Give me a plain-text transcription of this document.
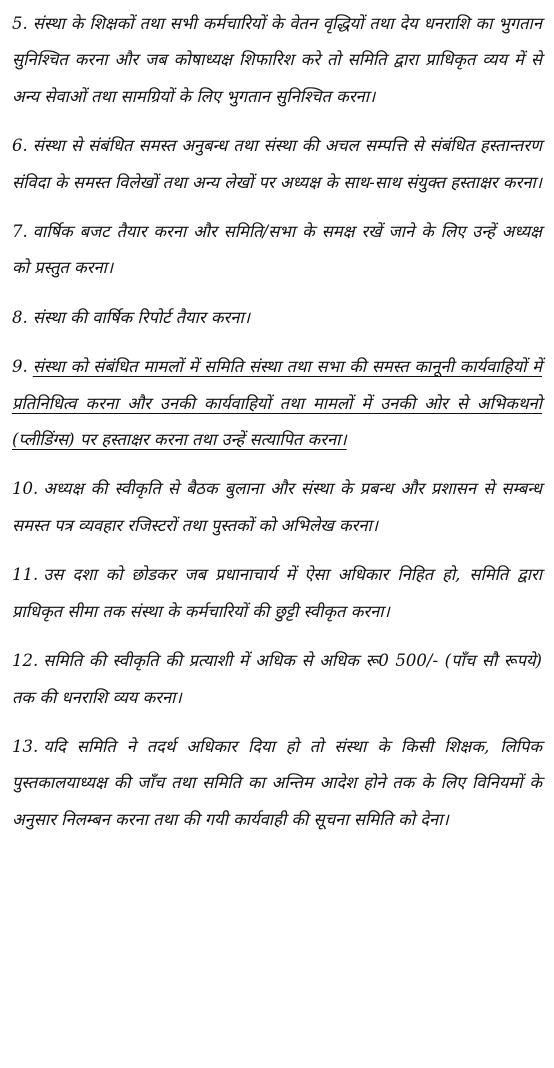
5. संस्था के शिक्षकों तथा सभी कर्मचारियों के वेतन वृद्धियों तथा देय धनराशि का भुगतान सुनिश्चित करना और जब कोषाध्यक्ष शिफारिश करे तो समिति द्वारा प्राधिकृत व्यय में से अन्य सेवाओं तथा सामग्रियों के लिए भुगतान सुनिश्चित करना।

6. संस्था से संबंधित समस्त अनुबन्ध तथा संस्था की अचल सम्पत्ति से संबंधित हस्तान्तरण संविदा के समस्त विलेखों तथा अन्य लेखों पर अध्यक्ष के साथ-साथ संयुक्त हस्ताक्षर करना।

7. वार्षिक बजट तैयार करना और समिति/सभा के समक्ष रखें जाने के लिए उन्हें अध्यक्ष को प्रस्तुत करना।

8. संस्था की वार्षिक रिपोर्ट तैयार करना।

9. संस्था को संबंधित मामलों में समिति संस्था तथा सभा की समस्त कानूनी कार्यवाहियों में प्रतिनिधित्व करना और उनकी कार्यवाहियों तथा मामलों में उनकी ओर से अभिकथनो (प्लीडिंग्स) पर हस्ताक्षर करना तथा उन्हें सत्यापित करना।

10. अध्यक्ष की स्वीकृति से बैठक बुलाना और संस्था के प्रबन्ध और प्रशासन से सम्बन्ध समस्त पत्र व्यवहार रजिस्टरों तथा पुस्तकों को अभिलेख करना।

11. उस दशा को छोडकर जब प्रधानाचार्य में ऐसा अधिकार निहित हो, समिति द्वारा प्राधिकृत सीमा तक संस्था के कर्मचारियों की छुट्टी स्वीकृत करना।

12. समिति की स्वीकृति की प्रत्याशी में अधिक से अधिक रू0 500/- (पाँच सौ रूपये) तक की धनराशि व्यय करना।

13. यदि समिति ने तदर्थ अधिकार दिया हो तो संस्था के किसी शिक्षक, लिपिक पुस्तकालयाध्यक्ष की जाँच तथा समिति का अन्तिम आदेश होने तक के लिए विनियमों के अनुसार निलम्बन करना तथा की गयी कार्यवाही की सूचना समिति को देना।
